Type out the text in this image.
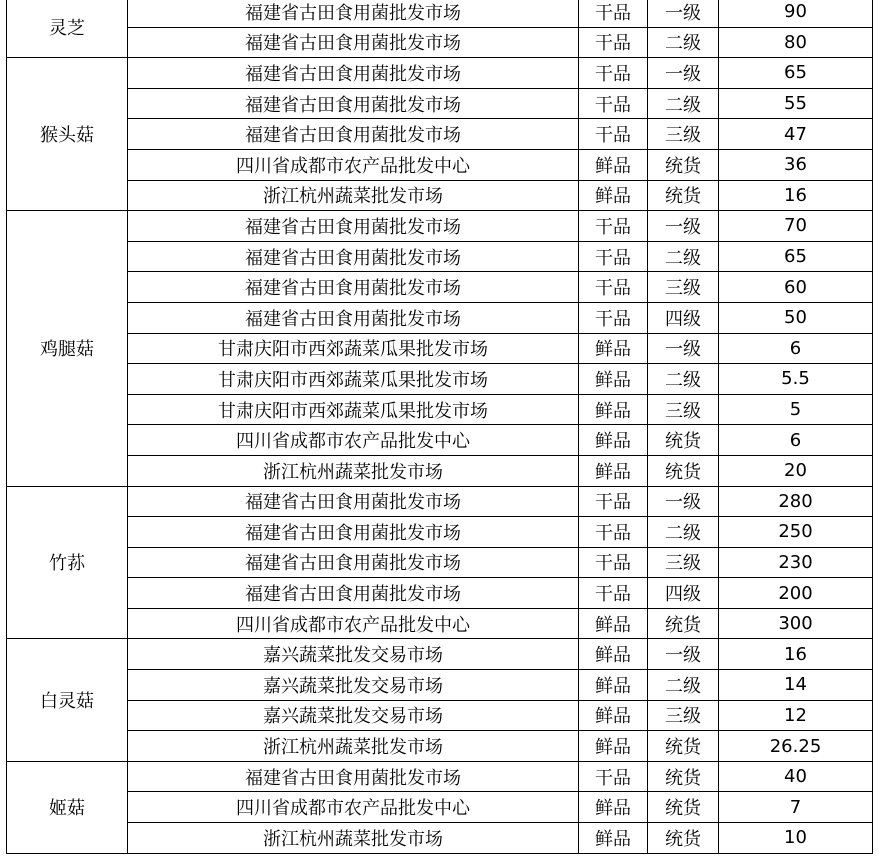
灵芝	福建省古田食用菌批发市场	干品	一级	90
	福建省古田食用菌批发市场	干品	二级	80
猴头菇	福建省古田食用菌批发市场	干品	一级	65
	福建省古田食用菌批发市场	干品	二级	55
	福建省古田食用菌批发市场	干品	三级	47
	四川省成都市农产品批发中心	鲜品	统货	36
	浙江杭州蔬菜批发市场	鲜品	统货	16
鸡腿菇	福建省古田食用菌批发市场	干品	一级	70
	福建省古田食用菌批发市场	干品	二级	65
	福建省古田食用菌批发市场	干品	三级	60
	福建省古田食用菌批发市场	干品	四级	50
	甘肃庆阳市西郊蔬菜瓜果批发市场	鲜品	一级	6
	甘肃庆阳市西郊蔬菜瓜果批发市场	鲜品	二级	5.5
	甘肃庆阳市西郊蔬菜瓜果批发市场	鲜品	三级	5
	四川省成都市农产品批发中心	鲜品	统货	6
	浙江杭州蔬菜批发市场	鲜品	统货	20
竹荪	福建省古田食用菌批发市场	干品	一级	280
	福建省古田食用菌批发市场	干品	二级	250
	福建省古田食用菌批发市场	干品	三级	230
	福建省古田食用菌批发市场	干品	四级	200
	四川省成都市农产品批发中心	鲜品	统货	300
白灵菇	嘉兴蔬菜批发交易市场	鲜品	一级	16
	嘉兴蔬菜批发交易市场	鲜品	二级	14
	嘉兴蔬菜批发交易市场	鲜品	三级	12
	浙江杭州蔬菜批发市场	鲜品	统货	26.25
姬菇	福建省古田食用菌批发市场	干品	统货	40
	四川省成都市农产品批发中心	鲜品	统货	7
	浙江杭州蔬菜批发市场	鲜品	统货	10
